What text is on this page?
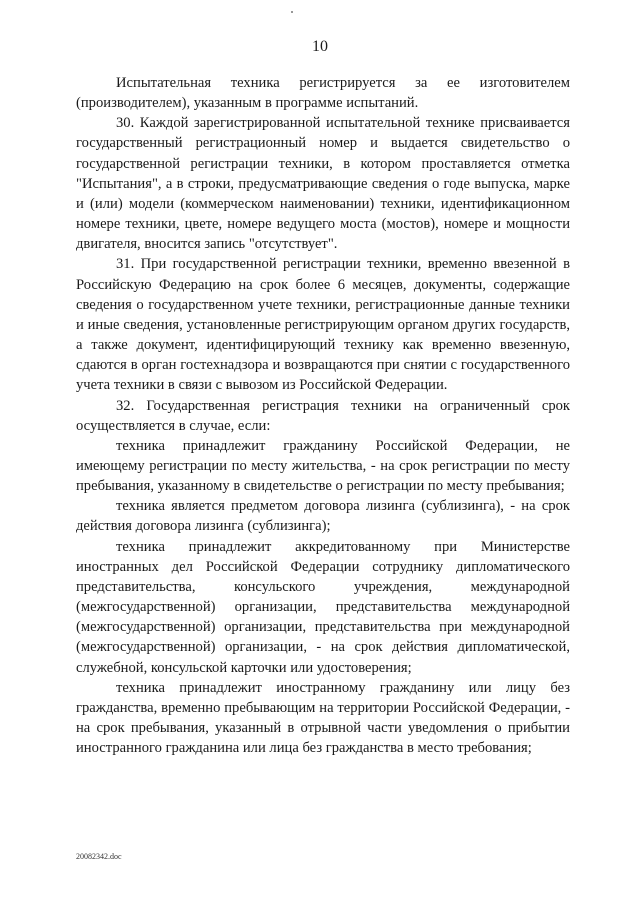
10

Испытательная техника регистрируется за ее изготовителем (производителем), указанным в программе испытаний.

30. Каждой зарегистрированной испытательной технике присваивается государственный регистрационный номер и выдается свидетельство о государственной регистрации техники, в котором проставляется отметка "Испытания", а в строки, предусматривающие сведения о годе выпуска, марке и (или) модели (коммерческом наименовании) техники, идентификационном номере техники, цвете, номере ведущего моста (мостов), номере и мощности двигателя, вносится запись "отсутствует".

31. При государственной регистрации техники, временно ввезенной в Российскую Федерацию на срок более 6 месяцев, документы, содержащие сведения о государственном учете техники, регистрационные данные техники и иные сведения, установленные регистрирующим органом других государств, а также документ, идентифицирующий технику как временно ввезенную, сдаются в орган гостехнадзора и возвращаются при снятии с государственного учета техники в связи с вывозом из Российской Федерации.

32. Государственная регистрация техники на ограниченный срок осуществляется в случае, если:

техника принадлежит гражданину Российской Федерации, не имеющему регистрации по месту жительства, - на срок регистрации по месту пребывания, указанному в свидетельстве о регистрации по месту пребывания;

техника является предметом договора лизинга (сублизинга), - на срок действия договора лизинга (сублизинга);

техника принадлежит аккредитованному при Министерстве иностранных дел Российской Федерации сотруднику дипломатического представительства, консульского учреждения, международной (межгосударственной) организации, представительства международной (межгосударственной) организации, представительства при международной (межгосударственной) организации, - на срок действия дипломатической, служебной, консульской карточки или удостоверения;

техника принадлежит иностранному гражданину или лицу без гражданства, временно пребывающим на территории Российской Федерации, - на срок пребывания, указанный в отрывной части уведомления о прибытии иностранного гражданина или лица без гражданства в место требования;

20082342.doc
